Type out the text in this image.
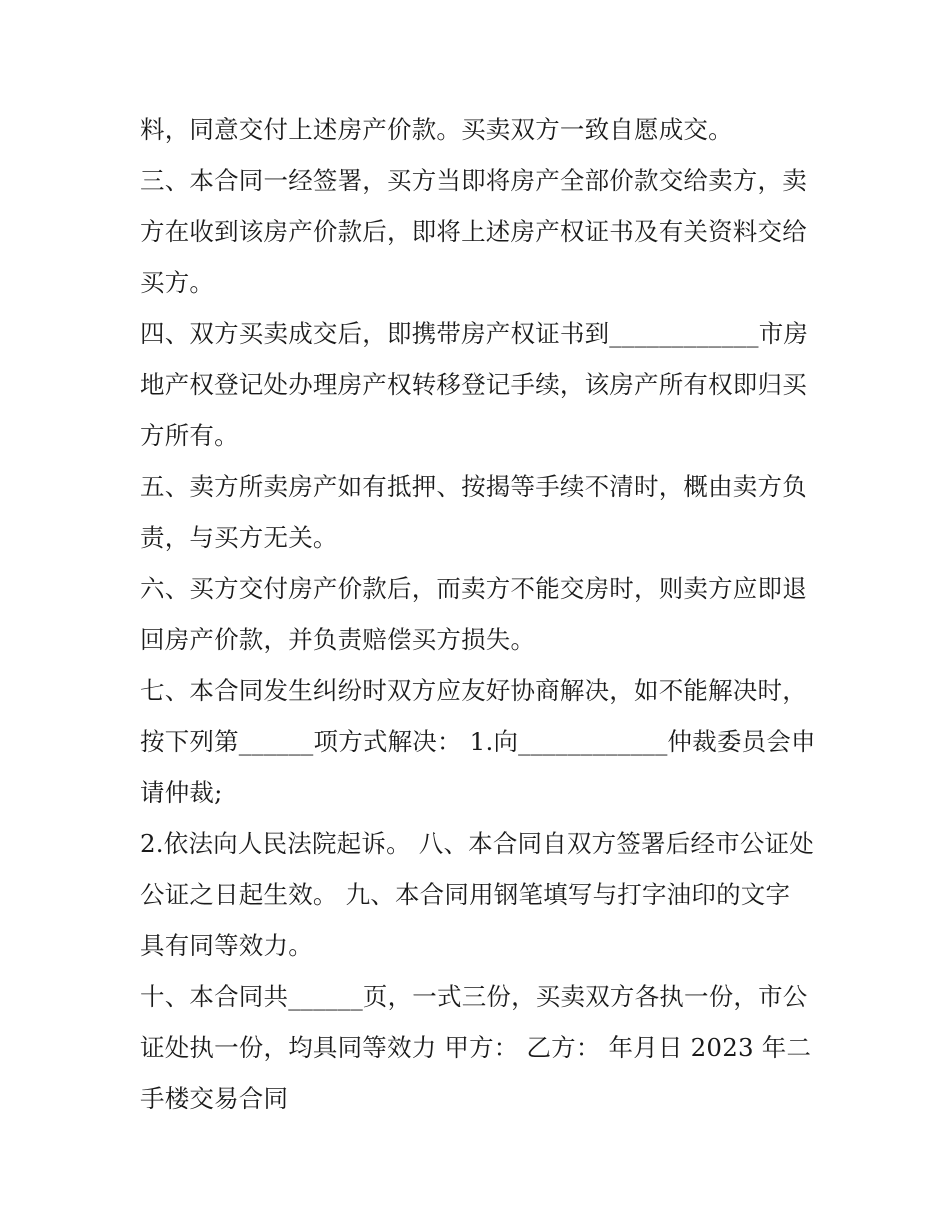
料，同意交付上述房产价款。买卖双方一致自愿成交。
三、本合同一经签署，买方当即将房产全部价款交给卖方，卖
方在收到该房产价款后，即将上述房产权证书及有关资料交给
买方。
四、双方买卖成交后，即携带房产权证书到____________市房
地产权登记处办理房产权转移登记手续，该房产所有权即归买
方所有。
五、卖方所卖房产如有抵押、按揭等手续不清时，概由卖方负
责，与买方无关。
六、买方交付房产价款后，而卖方不能交房时，则卖方应即退
回房产价款，并负责赔偿买方损失。
七、本合同发生纠纷时双方应友好协商解决，如不能解决时，
按下列第______项方式解决： 1.向____________仲裁委员会申
请仲裁;
2.依法向人民法院起诉。 八、本合同自双方签署后经市公证处
公证之日起生效。 九、本合同用钢笔填写与打字油印的文字
具有同等效力。
十、本合同共______页，一式三份，买卖双方各执一份，市公
证处执一份，均具同等效力 甲方： 乙方： 年月日 2023 年二
手楼交易合同
